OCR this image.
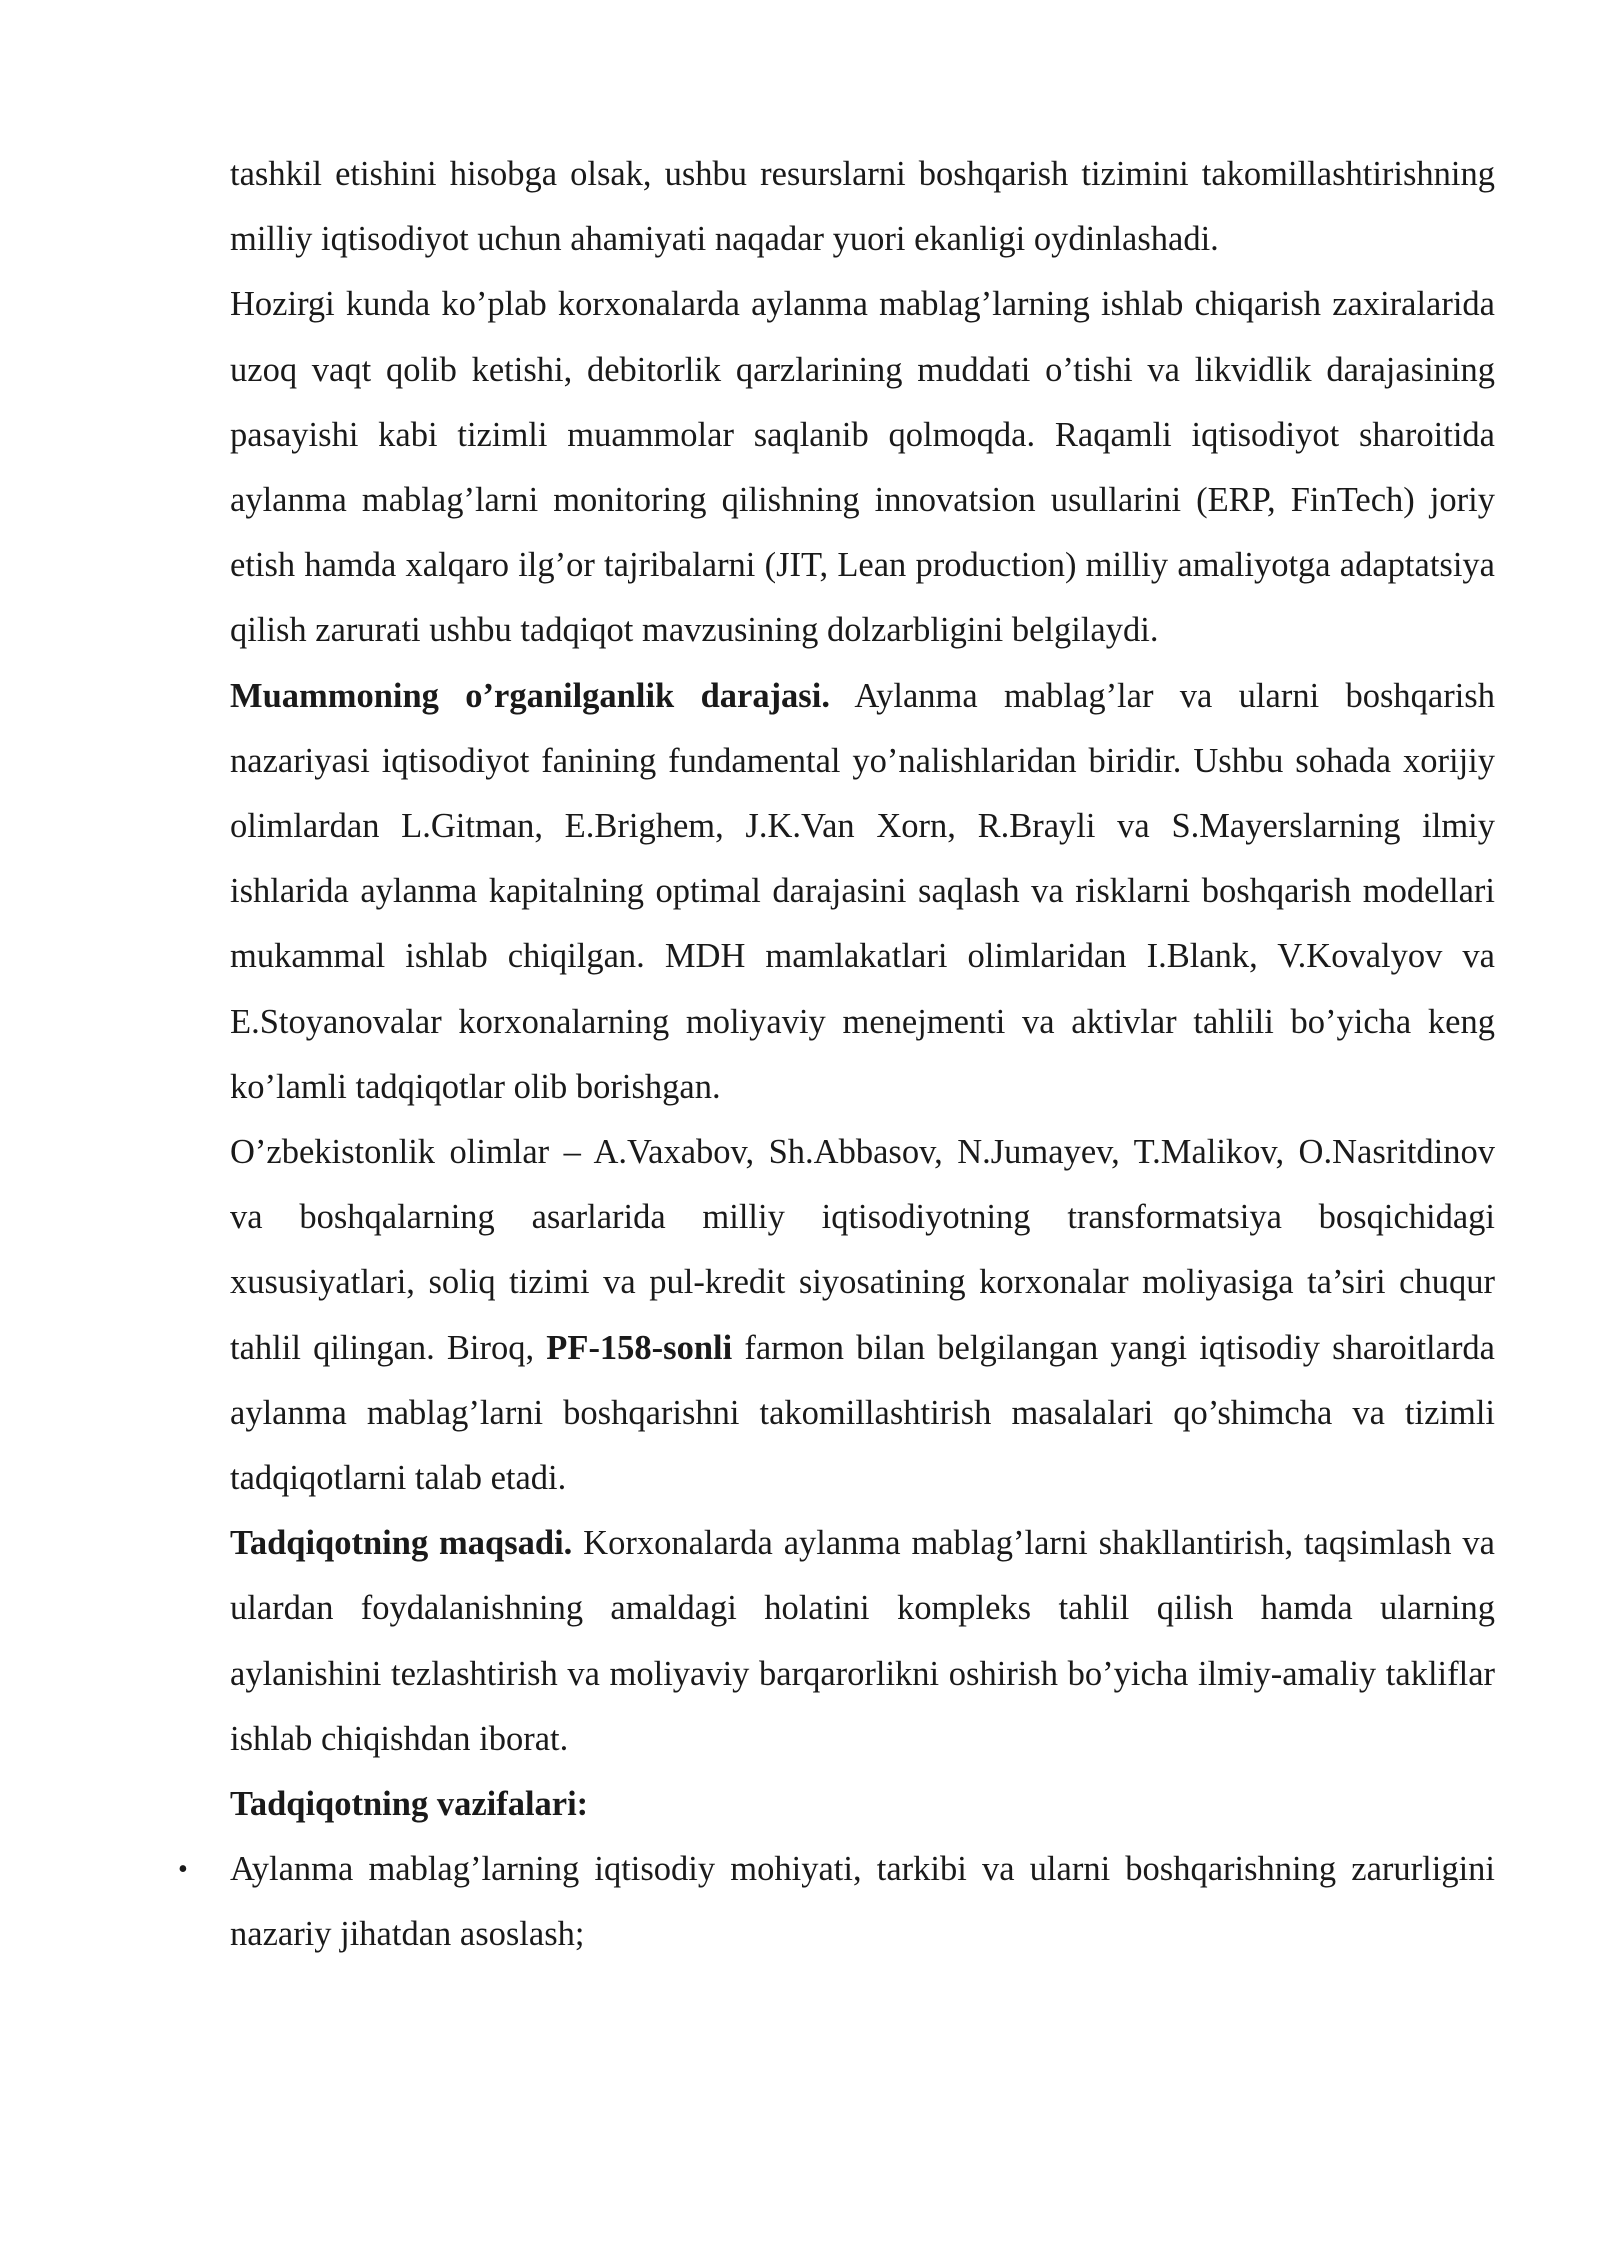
tashkil etishini hisobga olsak, ushbu resurslarni boshqarish tizimini takomillashtirishning milliy iqtisodiyot uchun ahamiyati naqadar yuori ekanligi oydinlashadi.

Hozirgi kunda ko’plab korxonalarda aylanma mablag’larning ishlab chiqarish zaxiralarida uzoq vaqt qolib ketishi, debitorlik qarzlarining muddati o’tishi va likvidlik darajasining pasayishi kabi tizimli muammolar saqlanib qolmoqda. Raqamli iqtisodiyot sharoitida aylanma mablag’larni monitoring qilishning innovatsion usullarini (ERP, FinTech) joriy etish hamda xalqaro ilg’or tajribalarni (JIT, Lean production) milliy amaliyotga adaptatsiya qilish zarurati ushbu tadqiqot mavzusining dolzarbligini belgilaydi.

Muammoning o’rganilganlik darajasi. Aylanma mablag’lar va ularni boshqarish nazariyasi iqtisodiyot fanining fundamental yo’nalishlaridan biridir. Ushbu sohada xorijiy olimlardan L.Gitman, E.Brighem, J.K.Van Xorn, R.Brayli va S.Mayerslarning ilmiy ishlarida aylanma kapitalning optimal darajasini saqlash va risklarni boshqarish modellari mukammal ishlab chiqilgan. MDH mamlakatlari olimlaridan I.Blank, V.Kovalyov va E.Stoyanovalar korxonalarning moliyaviy menejmenti va aktivlar tahlili bo’yicha keng ko’lamli tadqiqotlar olib borishgan.

O’zbekistonlik olimlar – A.Vaxabov, Sh.Abbasov, N.Jumayev, T.Malikov, O.Nasritdinov va boshqalarning asarlarida milliy iqtisodiyotning transformatsiya bosqichidagi xususiyatlari, soliq tizimi va pul-kredit siyosatining korxonalar moliyasiga ta’siri chuqur tahlil qilingan. Biroq, PF-158-sonli farmon bilan belgilangan yangi iqtisodiy sharoitlarda aylanma mablag’larni boshqarishni takomillashtirish masalalari qo’shimcha va tizimli tadqiqotlarni talab etadi.

Tadqiqotning maqsadi. Korxonalarda aylanma mablag’larni shakllantirish, taqsimlash va ulardan foydalanishning amaldagi holatini kompleks tahlil qilish hamda ularning aylanishini tezlashtirish va moliyaviy barqarorlikni oshirish bo’yicha ilmiy-amaliy takliflar ishlab chiqishdan iborat.

Tadqiqotning vazifalari:

• Aylanma mablag’larning iqtisodiy mohiyati, tarkibi va ularni boshqarishning zarurligini nazariy jihatdan asoslash;
